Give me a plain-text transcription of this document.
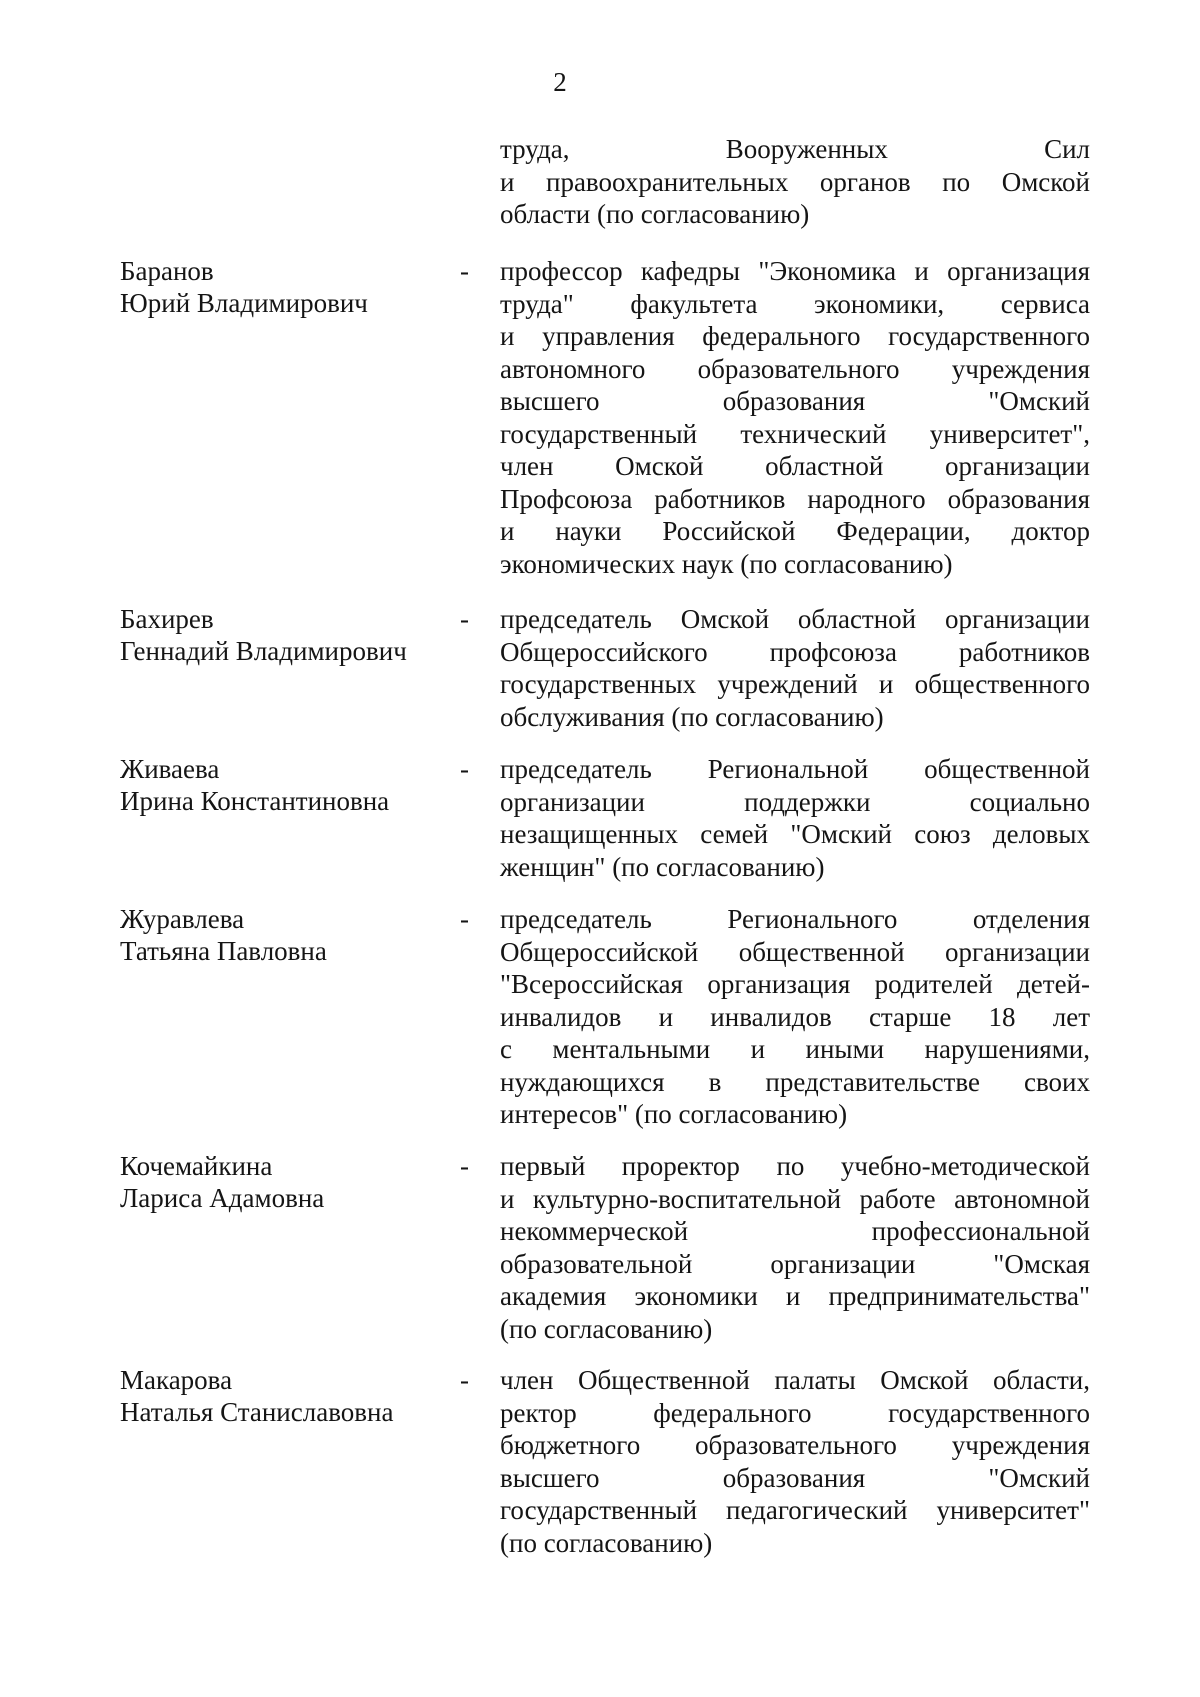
2
труда, Вооруженных Сил
и правоохранительных органов по Омской
области (по согласованию)
Баранов
Юрий Владимирович
- профессор кафедры "Экономика и организация
труда" факультета экономики, сервиса
и управления федерального государственного
автономного образовательного учреждения
высшего образования "Омский
государственный технический университет",
член Омской областной организации
Профсоюза работников народного образования
и науки Российской Федерации, доктор
экономических наук (по согласованию)
Бахирев
Геннадий Владимирович
- председатель Омской областной организации
Общероссийского профсоюза работников
государственных учреждений и общественного
обслуживания (по согласованию)
Живаева
Ирина Константиновна
- председатель Региональной общественной
организации поддержки социально
незащищенных семей "Омский союз деловых
женщин" (по согласованию)
Журавлева
Татьяна Павловна
- председатель Регионального отделения
Общероссийской общественной организации
"Всероссийская организация родителей детей-
инвалидов и инвалидов старше 18 лет
с ментальными и иными нарушениями,
нуждающихся в представительстве своих
интересов" (по согласованию)
Кочемайкина
Лариса Адамовна
- первый проректор по учебно-методической
и культурно-воспитательной работе автономной
некоммерческой профессиональной
образовательной организации "Омская
академия экономики и предпринимательства"
(по согласованию)
Макарова
Наталья Станиславовна
- член Общественной палаты Омской области,
ректор федерального государственного
бюджетного образовательного учреждения
высшего образования "Омский
государственный педагогический университет"
(по согласованию)
